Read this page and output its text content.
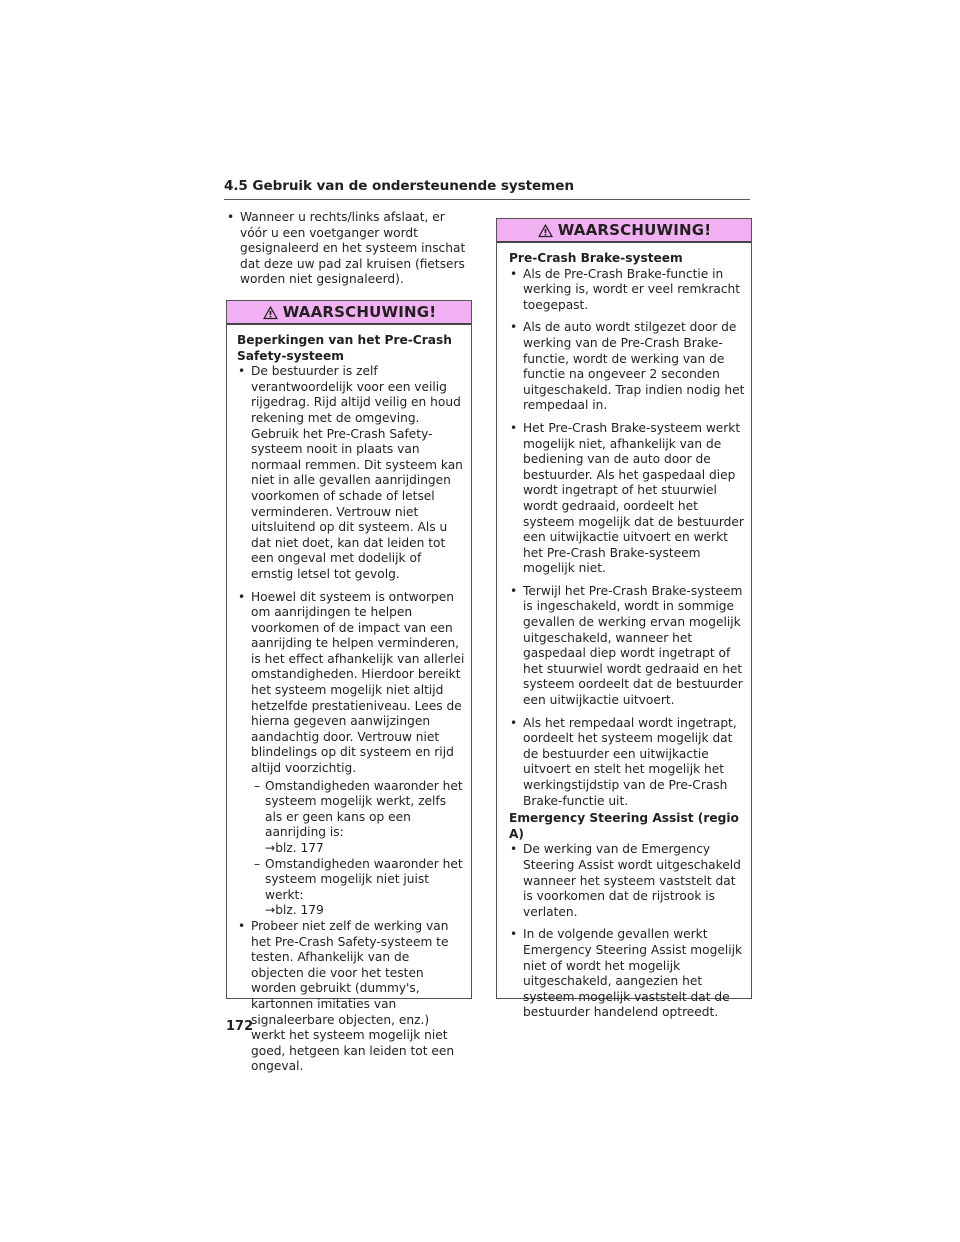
4.5 Gebruik van de ondersteunende systemen
• Wanneer u rechts/links afslaat, er vóór u een voetganger wordt gesignaleerd en het systeem inschat dat deze uw pad zal kruisen (fietsers worden niet gesignaleerd).
WAARSCHUWING!
Beperkingen van het Pre-Crash Safety-systeem
• De bestuurder is zelf verantwoordelijk voor een veilig rijgedrag. Rijd altijd veilig en houd rekening met de omgeving. Gebruik het Pre-Crash Safety-systeem nooit in plaats van normaal remmen. Dit systeem kan niet in alle gevallen aanrijdingen voorkomen of schade of letsel verminderen. Vertrouw niet uitsluitend op dit systeem. Als u dat niet doet, kan dat leiden tot een ongeval met dodelijk of ernstig letsel tot gevolg.
• Hoewel dit systeem is ontworpen om aanrijdingen te helpen voorkomen of de impact van een aanrijding te helpen verminderen, is het effect afhankelijk van allerlei omstandigheden. Hierdoor bereikt het systeem mogelijk niet altijd hetzelfde prestatieniveau. Lees de hierna gegeven aanwijzingen aandachtig door. Vertrouw niet blindelings op dit systeem en rijd altijd voorzichtig.
– Omstandigheden waaronder het systeem mogelijk werkt, zelfs als er geen kans op een aanrijding is:
→blz. 177
– Omstandigheden waaronder het systeem mogelijk niet juist werkt:
→blz. 179
• Probeer niet zelf de werking van het Pre-Crash Safety-systeem te testen. Afhankelijk van de objecten die voor het testen worden gebruikt (dummy's, kartonnen imitaties van signaleerbare objecten, enz.) werkt het systeem mogelijk niet goed, hetgeen kan leiden tot een ongeval.
WAARSCHUWING!
Pre-Crash Brake-systeem
• Als de Pre-Crash Brake-functie in werking is, wordt er veel remkracht toegepast.
• Als de auto wordt stilgezet door de werking van de Pre-Crash Brake-functie, wordt de werking van de functie na ongeveer 2 seconden uitgeschakeld. Trap indien nodig het rempedaal in.
• Het Pre-Crash Brake-systeem werkt mogelijk niet, afhankelijk van de bediening van de auto door de bestuurder. Als het gaspedaal diep wordt ingetrapt of het stuurwiel wordt gedraaid, oordeelt het systeem mogelijk dat de bestuurder een uitwijkactie uitvoert en werkt het Pre-Crash Brake-systeem mogelijk niet.
• Terwijl het Pre-Crash Brake-systeem is ingeschakeld, wordt in sommige gevallen de werking ervan mogelijk uitgeschakeld, wanneer het gaspedaal diep wordt ingetrapt of het stuurwiel wordt gedraaid en het systeem oordeelt dat de bestuurder een uitwijkactie uitvoert.
• Als het rempedaal wordt ingetrapt, oordeelt het systeem mogelijk dat de bestuurder een uitwijkactie uitvoert en stelt het mogelijk het werkingstijdstip van de Pre-Crash Brake-functie uit.
Emergency Steering Assist (regio A)
• De werking van de Emergency Steering Assist wordt uitgeschakeld wanneer het systeem vaststelt dat is voorkomen dat de rijstrook is verlaten.
• In de volgende gevallen werkt Emergency Steering Assist mogelijk niet of wordt het mogelijk uitgeschakeld, aangezien het systeem mogelijk vaststelt dat de bestuurder handelend optreedt.
172
